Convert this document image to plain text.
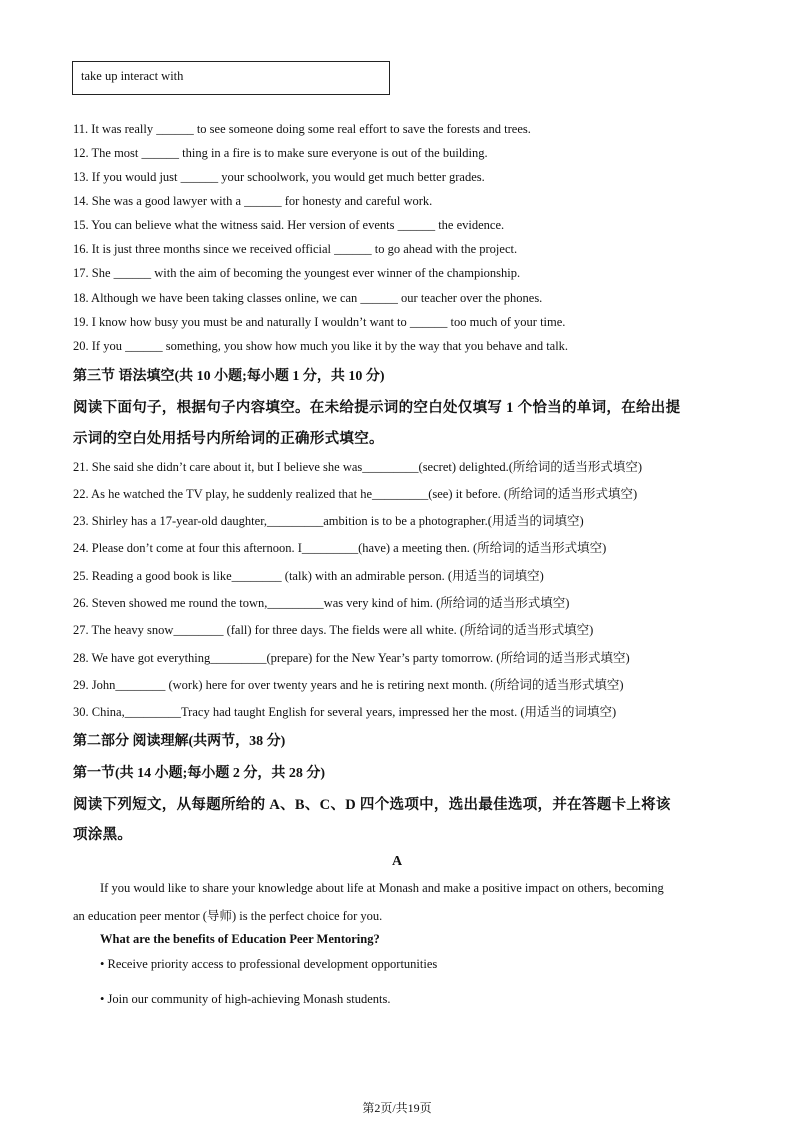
take up interact with
11. It was really ______ to see someone doing some real effort to save the forests and trees.
12. The most ______ thing in a fire is to make sure everyone is out of the building.
13. If you would just ______ your schoolwork, you would get much better grades.
14. She was a good lawyer with a ______ for honesty and careful work.
15. You can believe what the witness said. Her version of events ______ the evidence.
16. It is just three months since we received official ______ to go ahead with the project.
17. She ______ with the aim of becoming the youngest ever winner of the championship.
18. Although we have been taking classes online, we can ______ our teacher over the phones.
19. I know how busy you must be and naturally I wouldn’t want to ______ too much of your time.
20. If you ______ something, you show how much you like it by the way that you behave and talk.
第三节 语法填空(共 10 小题;每小题 1 分，共 10 分)
阅读下面句子，根据句子内容填空。在未给提示词的空白处仅填写 1 个恰当的单词，在给出提
示词的空白处用括号内所给词的正确形式填空。
21. She said she didn’t care about it, but I believe she was_________(secret) delighted.(所给词的适当形式填空)
22. As he watched the TV play, he suddenly realized that he_________(see) it before. (所给词的适当形式填空)
23. Shirley has a 17-year-old daughter,_________ambition is to be a photographer.(用适当的词填空)
24. Please don’t come at four this afternoon. I_________(have) a meeting then. (所给词的适当形式填空)
25. Reading a good book is like________ (talk) with an admirable person. (用适当的词填空)
26. Steven showed me round the town,_________was very kind of him. (所给词的适当形式填空)
27. The heavy snow________ (fall) for three days. The fields were all white. (所给词的适当形式填空)
28. We have got everything_________(prepare) for the New Year’s party tomorrow. (所给词的适当形式填空)
29. John________ (work) here for over twenty years and he is retiring next month. (所给词的适当形式填空)
30. China,_________Tracy had taught English for several years, impressed her the most. (用适当的词填空)
第二部分 阅读理解(共两节，38 分)
第一节(共 14 小题;每小题 2 分，共 28 分)
阅读下列短文，从每题所给的 A、B、C、D 四个选项中，选出最佳选项，并在答题卡上将该
项涂黑。
A
If you would like to share your knowledge about life at Monash and make a positive impact on others, becoming
an education peer mentor (导师) is the perfect choice for you.
What are the benefits of Education Peer Mentoring?
• Receive priority access to professional development opportunities
• Join our community of high-achieving Monash students.
第2页/共19页
